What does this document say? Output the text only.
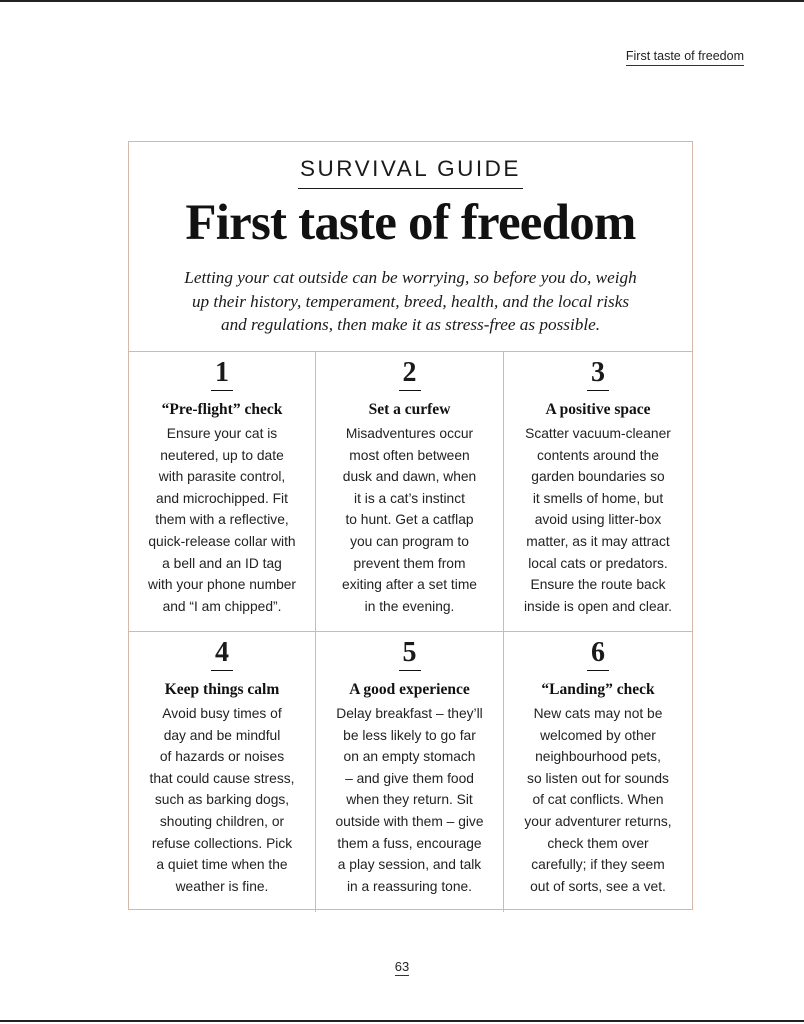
First taste of freedom
SURVIVAL GUIDE
First taste of freedom
Letting your cat outside can be worrying, so before you do, weigh
up their history, temperament, breed, health, and the local risks
and regulations, then make it as stress-free as possible.
1
“Pre-flight” check
Ensure your cat is
neutered, up to date
with parasite control,
and microchipped. Fit
them with a reflective,
quick-release collar with
a bell and an ID tag
with your phone number
and “I am chipped”.
2
Set a curfew
Misadventures occur
most often between
dusk and dawn, when
it is a cat’s instinct
to hunt. Get a catflap
you can program to
prevent them from
exiting after a set time
in the evening.
3
A positive space
Scatter vacuum-cleaner
contents around the
garden boundaries so
it smells of home, but
avoid using litter-box
matter, as it may attract
local cats or predators.
Ensure the route back
inside is open and clear.
4
Keep things calm
Avoid busy times of
day and be mindful
of hazards or noises
that could cause stress,
such as barking dogs,
shouting children, or
refuse collections. Pick
a quiet time when the
weather is fine.
5
A good experience
Delay breakfast – they’ll
be less likely to go far
on an empty stomach
– and give them food
when they return. Sit
outside with them – give
them a fuss, encourage
a play session, and talk
in a reassuring tone.
6
“Landing” check
New cats may not be
welcomed by other
neighbourhood pets,
so listen out for sounds
of cat conflicts. When
your adventurer returns,
check them over
carefully; if they seem
out of sorts, see a vet.
63
